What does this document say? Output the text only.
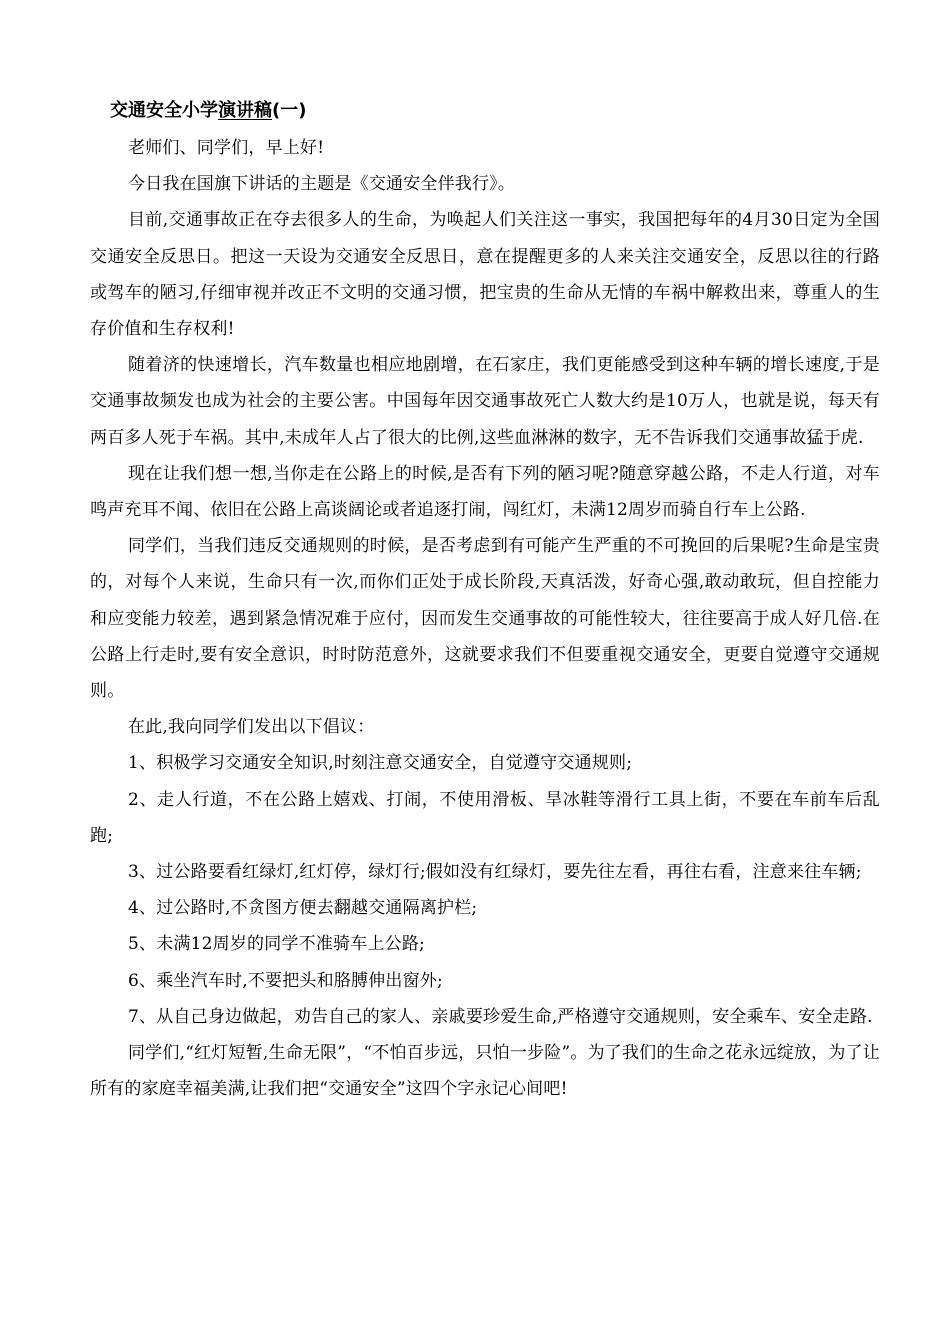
交通安全小学演讲稿(一)

老师们、同学们，早上好!

今日我在国旗下讲话的主题是《交通安全伴我行》。

目前,交通事故正在夺去很多人的生命，为唤起人们关注这一事实，我国把每年的4月30日定为全国交通安全反思日。把这一天设为交通安全反思日，意在提醒更多的人来关注交通安全，反思以往的行路或驾车的陋习,仔细审视并改正不文明的交通习惯，把宝贵的生命从无情的车祸中解救出来，尊重人的生存价值和生存权利!

随着济的快速增长，汽车数量也相应地剧增，在石家庄，我们更能感受到这种车辆的增长速度,于是交通事故频发也成为社会的主要公害。中国每年因交通事故死亡人数大约是10万人，也就是说，每天有两百多人死于车祸。其中,未成年人占了很大的比例,这些血淋淋的数字，无不告诉我们交通事故猛于虎.

现在让我们想一想,当你走在公路上的时候,是否有下列的陋习呢?随意穿越公路，不走人行道，对车鸣声充耳不闻、依旧在公路上高谈阔论或者追逐打闹，闯红灯，未满12周岁而骑自行车上公路.

同学们，当我们违反交通规则的时候，是否考虑到有可能产生严重的不可挽回的后果呢?生命是宝贵的，对每个人来说，生命只有一次,而你们正处于成长阶段,天真活泼，好奇心强,敢动敢玩，但自控能力和应变能力较差，遇到紧急情况难于应付，因而发生交通事故的可能性较大，往往要高于成人好几倍.在公路上行走时,要有安全意识，时时防范意外，这就要求我们不但要重视交通安全，更要自觉遵守交通规则。

在此,我向同学们发出以下倡议：

1、积极学习交通安全知识,时刻注意交通安全，自觉遵守交通规则;

2、走人行道，不在公路上嬉戏、打闹，不使用滑板、旱冰鞋等滑行工具上街，不要在车前车后乱跑;

3、过公路要看红绿灯,红灯停，绿灯行;假如没有红绿灯，要先往左看，再往右看，注意来往车辆;

4、过公路时,不贪图方便去翻越交通隔离护栏;

5、未满12周岁的同学不准骑车上公路;

6、乘坐汽车时,不要把头和胳膊伸出窗外;

7、从自己身边做起，劝告自己的家人、亲戚要珍爱生命,严格遵守交通规则，安全乘车、安全走路.

同学们,“红灯短暂,生命无限”，“不怕百步远，只怕一步险”。为了我们的生命之花永远绽放，为了让所有的家庭幸福美满,让我们把“交通安全”这四个字永记心间吧!
